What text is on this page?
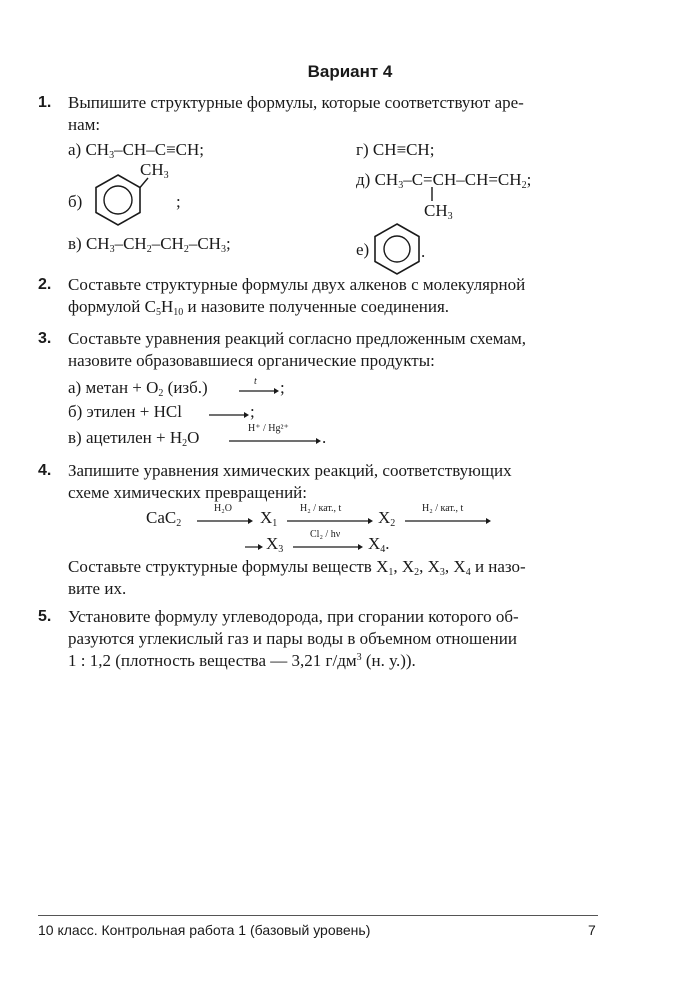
Вариант 4
1. Выпишите структурные формулы, которые соответствуют аре-
нам:
а) $CH_3-CH-C\equiv CH$;
б)
$CH_3$
;
в) $CH_3-CH_2-CH_2-CH_3$;
г) CH≡CH;
д) $CH_3-C=CH-CH=CH_2$;
$CH_3$
е)	.
2. Составьте структурные формулы двух алкенов с молекулярной
формулой $C_5H_{10}$ и назовите полученные соединения.
3. Составьте уравнения реакций согласно предложенным схемам,
назовите образовавшиеся органические продукты:
а) метан + $O_2$ (изб.)	t ;
б) этилен + HCl	;
в) ацетилен + $H_2O$	H⁺ / Hg²⁺ .
4. Запишите уравнения химических реакций, соответствующих
схеме химических превращений:
CaC$_2$
H₂O $X_1$
H₂ / кат., t $X_2$
H₂ / кат., t
$X_3$
Cl₂ / hν $X_4$.
Составьте структурные формулы веществ $X_1$, $X_2$, $X_3$, $X_4$ и назо-
вите их.
5. Установите формулу углеводорода, при сгорании которого об-
разуются углекислый газ и пары воды в объемном отношении
1 : 1,2 (плотность вещества — 3,21 $г/дм^3$ (н. у.)).
10 класс. Контрольная работа 1 (базовый уровень)	7
